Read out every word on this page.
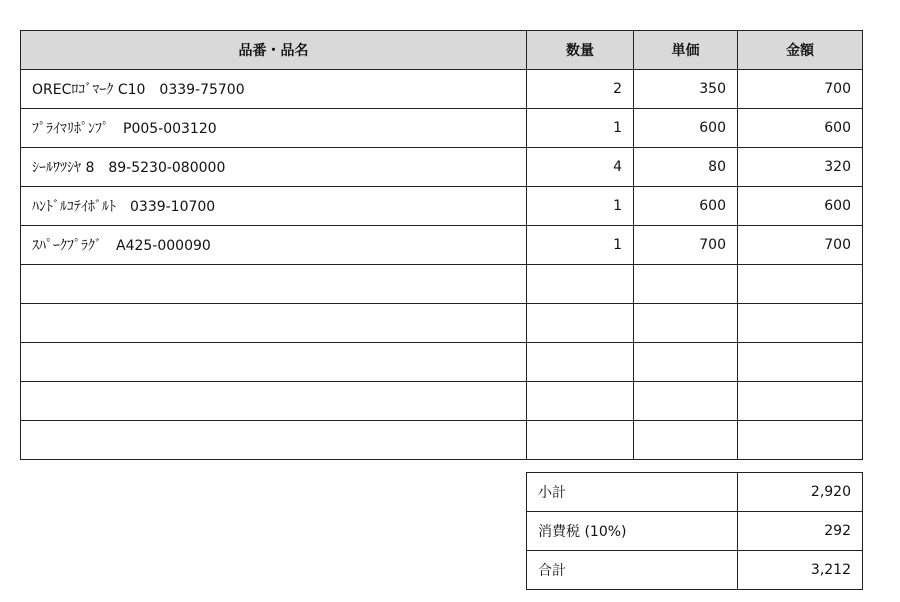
品番・品名	数量	単価	金額
ORECﾛｺﾞﾏｰｸ C10　0339-75700	2	350	700
ﾌﾟﾗｲﾏﾘﾎﾟﾝﾌﾟ　P005-003120	1	600	600
ｼｰﾙﾜﾂｼﾔ 8　89-5230-080000	4	80	320
ﾊﾝﾄﾞﾙｺﾃｲﾎﾞﾙﾄ　0339-10700	1	600	600
ｽﾊﾟｰｸﾌﾟﾗｸﾞ　A425-000090	1	700	700

小計	2,920
消費税 (10%)	292
合計	3,212
